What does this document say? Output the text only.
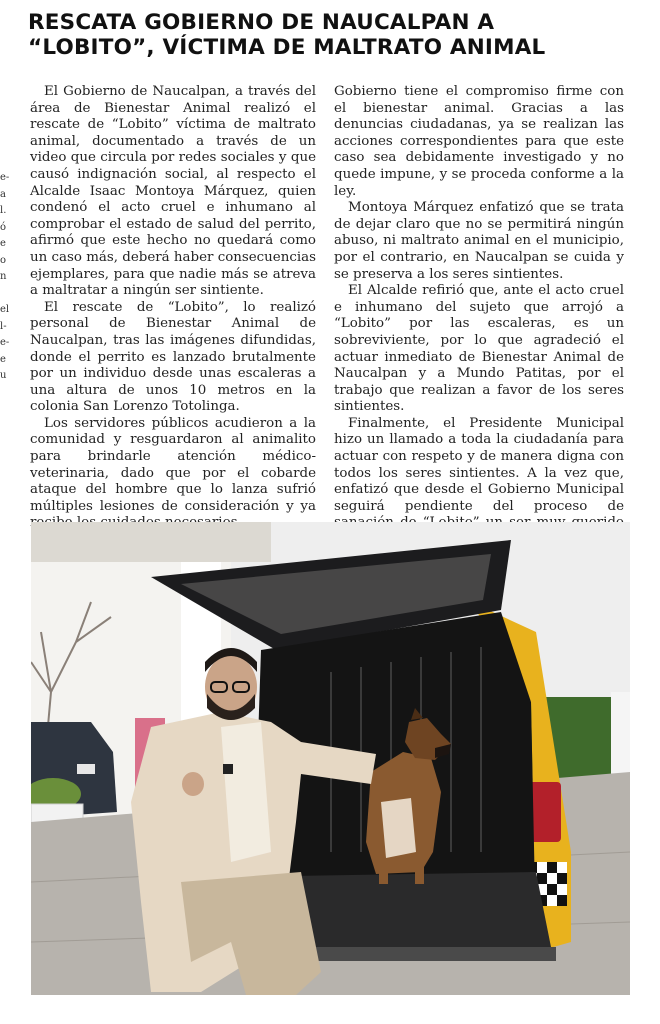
RESCATA GOBIERNO DE NAUCALPAN A
“LOBITO”, VÍCTIMA DE MALTRATO ANIMAL
e-
a
l.
ó
e
o
n
el
l-
e-
e
u

El Gobierno de Naucalpan, a través del área de Bienestar Animal realizó el rescate de “Lobito” víctima de maltrato animal, documentado a través de un video que circula por redes sociales y que causó indignación social, al respecto el Alcalde Isaac Montoya Márquez, quien condenó el acto cruel e inhumano al comprobar el estado de salud del perrito, afirmó que este hecho no quedará como un caso más, deberá haber consecuencias ejemplares, para que nadie más se atreva a maltratar a ningún ser sintiente.

El rescate de “Lobito”, lo realizó personal de Bienestar Animal de Naucalpan, tras las imágenes difundidas, donde el perrito es lanzado brutalmente por un individuo desde unas escaleras a una altura de unos 10 metros en la colonia San Lorenzo Totolinga.

Los servidores públicos acudieron a la comunidad y resguardaron al animalito para brindarle atención médico-veterinaria, dado que por el cobarde ataque del hombre que lo lanza sufrió múltiples lesiones de consideración y ya

Gobierno tiene el compromiso firme con el bienestar animal. Gracias a las denuncias ciudadanas, ya se realizan las acciones correspondientes para que este caso sea debidamente investigado y no quede impune, y se proceda conforme a la ley.

Montoya Márquez enfatizó que se trata de dejar claro que no se permitirá ningún abuso, ni maltrato animal en el municipio, por el contrario, en Naucalpan se cuida y se preserva a los seres sintientes.

El Alcalde refirió que, ante el acto cruel e inhumano del sujeto que arrojó a “Lobito” por las escaleras, es un sobreviviente, por lo que agradeció el actuar inmediato de Bienestar Animal de Naucalpan y a Mundo Patitas, por el trabajo que realizan a favor de los seres sintientes.

Finalmente, el Presidente Municipal hizo un llamado a toda la ciudadanía para actuar con respeto y de manera digna con todos los seres sintientes. A la vez que, enfatizó que desde el Gobierno Municipal seguirá pendiente del proceso de
